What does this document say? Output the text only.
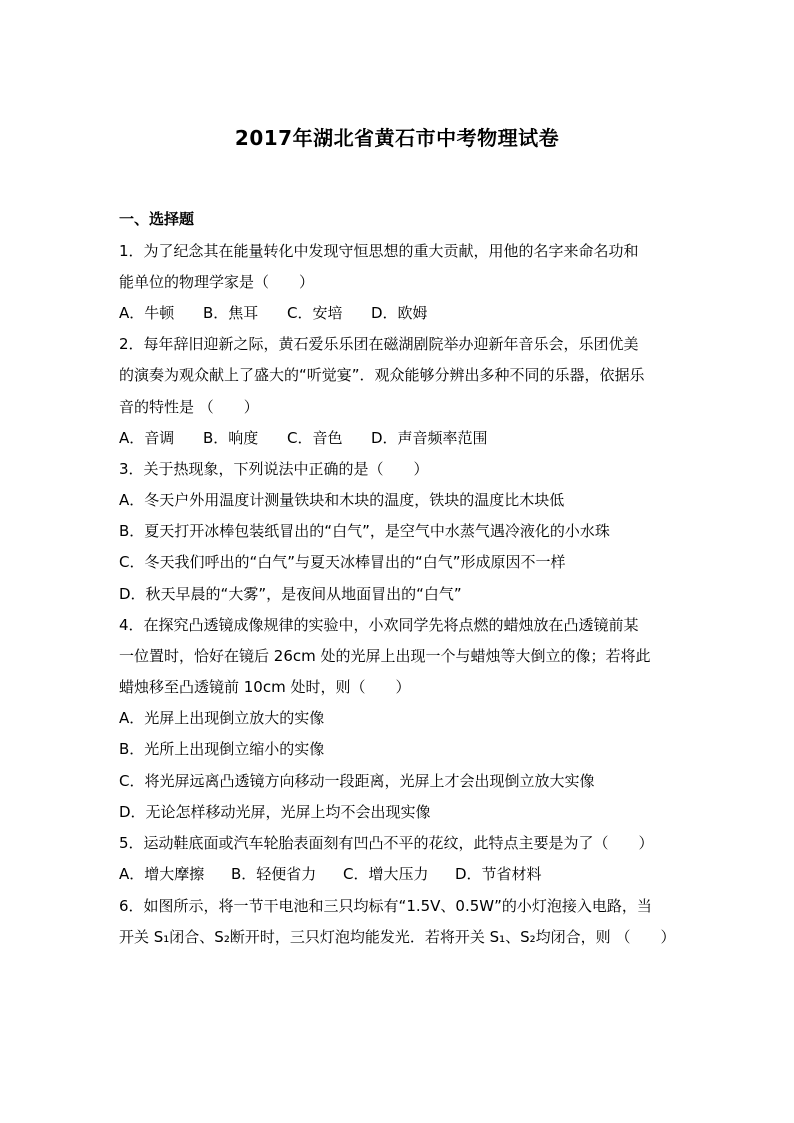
2017年湖北省黄石市中考物理试卷
一、选择题
1．为了纪念其在能量转化中发现守恒思想的重大贡献，用他的名字来命名功和
能单位的物理学家是（　　）
A．牛顿 B．焦耳 C．安培 D．欧姆
2．每年辞旧迎新之际，黄石爱乐乐团在磁湖剧院举办迎新年音乐会，乐团优美
的演奏为观众献上了盛大的“听觉宴”．观众能够分辨出多种不同的乐器，依据乐
音的特性是 （　　）
A．音调 B．响度 C．音色 D．声音频率范围
3．关于热现象，下列说法中正确的是（　　）
A．冬天户外用温度计测量铁块和木块的温度，铁块的温度比木块低
B．夏天打开冰棒包装纸冒出的“白气”，是空气中水蒸气遇冷液化的小水珠
C．冬天我们呼出的“白气”与夏天冰棒冒出的“白气”形成原因不一样
D．秋天早晨的“大雾”，是夜间从地面冒出的“白气”
4．在探究凸透镜成像规律的实验中，小欢同学先将点燃的蜡烛放在凸透镜前某
一位置时，恰好在镜后 26cm 处的光屏上出现一个与蜡烛等大倒立的像；若将此
蜡烛移至凸透镜前 10cm 处时，则（　　）
A．光屏上出现倒立放大的实像
B．光所上出现倒立缩小的实像
C．将光屏远离凸透镜方向移动一段距离，光屏上才会出现倒立放大实像
D．无论怎样移动光屏，光屏上均不会出现实像
5．运动鞋底面或汽车轮胎表面刻有凹凸不平的花纹，此特点主要是为了（　　）
A．增大摩擦 B．轻便省力 C．增大压力 D．节省材料
6．如图所示，将一节干电池和三只均标有“1.5V、0.5W”的小灯泡接入电路，当
开关 S₁闭合、S₂断开时，三只灯泡均能发光．若将开关 S₁、S₂均闭合，则 （　　）
